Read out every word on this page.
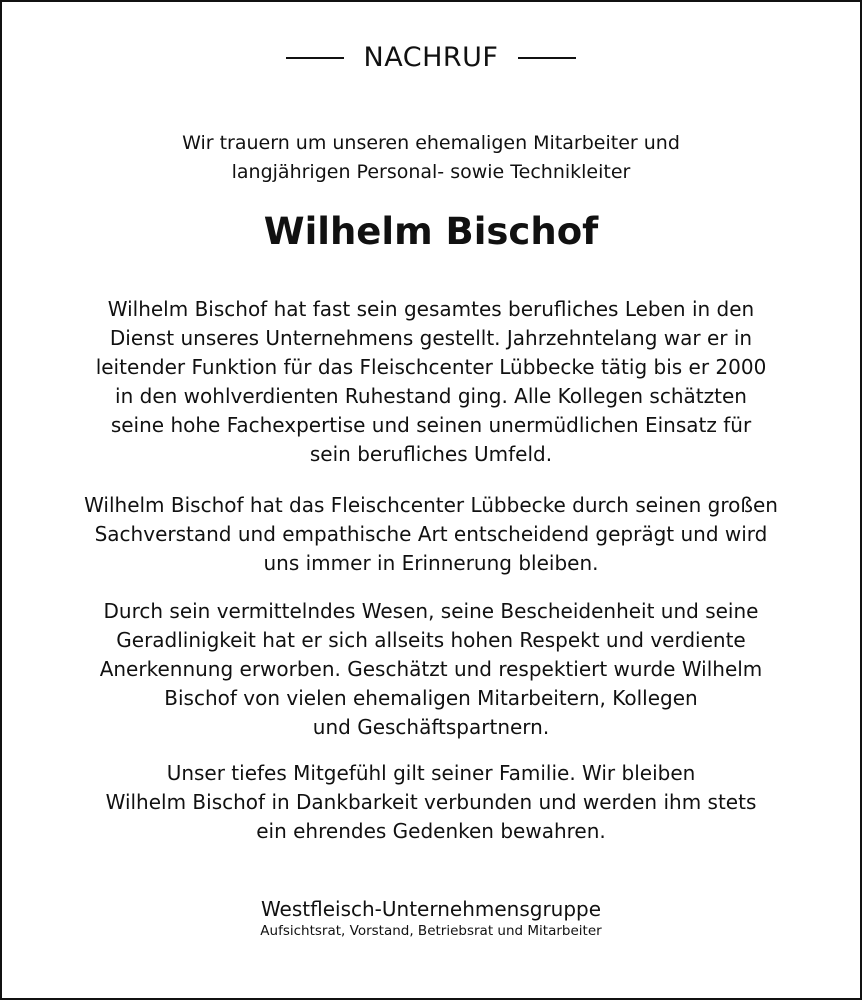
NACHRUF
Wir trauern um unseren ehemaligen Mitarbeiter und
langjährigen Personal- sowie Technikleiter
Wilhelm Bischof
Wilhelm Bischof hat fast sein gesamtes berufliches Leben in den
Dienst unseres Unternehmens gestellt. Jahrzehntelang war er in
leitender Funktion für das Fleischcenter Lübbecke tätig bis er 2000
in den wohlverdienten Ruhestand ging. Alle Kollegen schätzten
seine hohe Fachexpertise und seinen unermüdlichen Einsatz für
sein berufliches Umfeld.
Wilhelm Bischof hat das Fleischcenter Lübbecke durch seinen großen
Sachverstand und empathische Art entscheidend geprägt und wird
uns immer in Erinnerung bleiben.
Durch sein vermittelndes Wesen, seine Bescheidenheit und seine
Geradlinigkeit hat er sich allseits hohen Respekt und verdiente
Anerkennung erworben. Geschätzt und respektiert wurde Wilhelm
Bischof von vielen ehemaligen Mitarbeitern, Kollegen
und Geschäftspartnern.
Unser tiefes Mitgefühl gilt seiner Familie. Wir bleiben
Wilhelm Bischof in Dankbarkeit verbunden und werden ihm stets
ein ehrendes Gedenken bewahren.
Westfleisch-Unternehmensgruppe
Aufsichtsrat, Vorstand, Betriebsrat und Mitarbeiter
